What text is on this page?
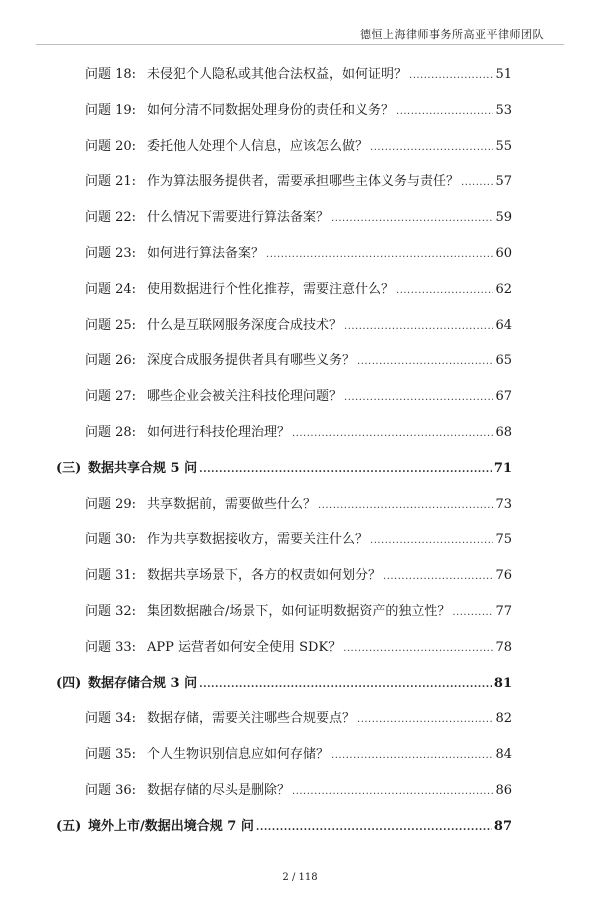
德恒上海律师事务所高亚平律师团队
问题 18: 未侵犯个人隐私或其他合法权益，如何证明？ .....	51
问题 19: 如何分清不同数据处理身份的责任和义务？ .....	53
问题 20: 委托他人处理个人信息，应该怎么做？ .....	55
问题 21: 作为算法服务提供者，需要承担哪些主体义务与责任？ .....	57
问题 22: 什么情况下需要进行算法备案？ .....	59
问题 23: 如何进行算法备案？ .....	60
问题 24: 使用数据进行个性化推荐，需要注意什么？ .....	62
问题 25: 什么是互联网服务深度合成技术？ .....	64
问题 26: 深度合成服务提供者具有哪些义务？ .....	65
问题 27: 哪些企业会被关注科技伦理问题？ .....	67
问题 28: 如何进行科技伦理治理？ .....	68
(三) 数据共享合规 5 问 .....	71
问题 29: 共享数据前，需要做些什么？ .....	73
问题 30: 作为共享数据接收方，需要关注什么？ .....	75
问题 31: 数据共享场景下，各方的权责如何划分？ .....	76
问题 32: 集团数据融合/场景下，如何证明数据资产的独立性？ .....	77
问题 33: APP 运营者如何安全使用 SDK？ .....	78
(四) 数据存储合规 3 问 .....	81
问题 34: 数据存储，需要关注哪些合规要点？ .....	82
问题 35: 个人生物识别信息应如何存储？ .....	84
问题 36: 数据存储的尽头是删除？ .....	86
(五) 境外上市/数据出境合规 7 问 .....	87
2 / 118
